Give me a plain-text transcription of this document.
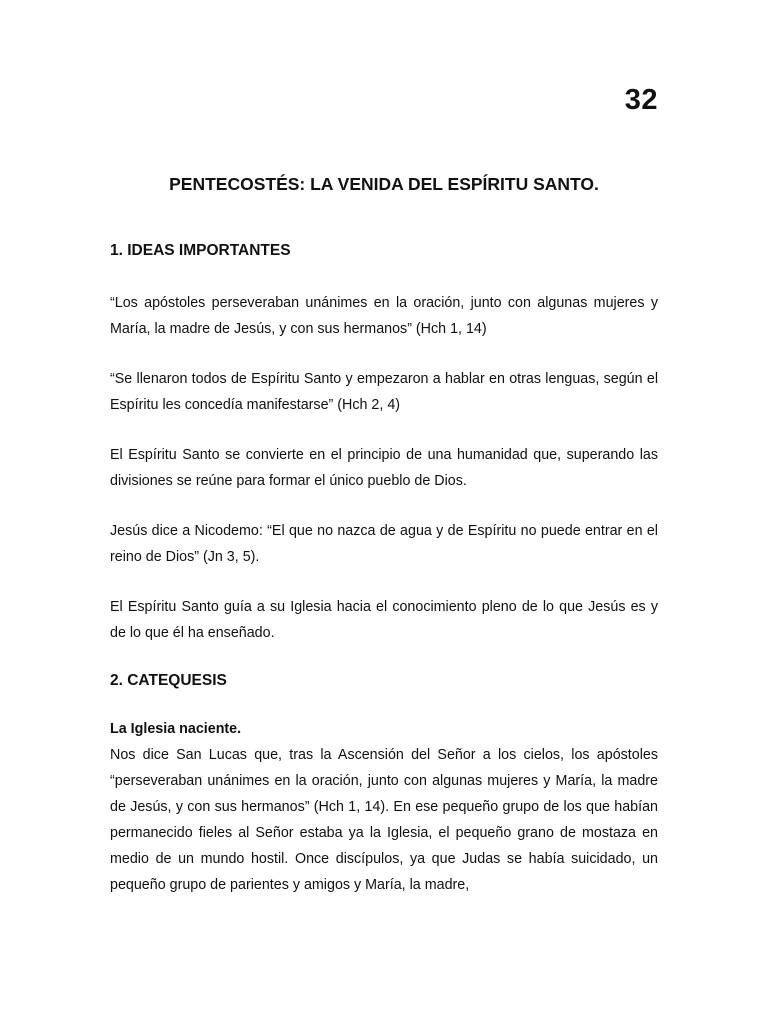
32
PENTECOSTÉS: LA VENIDA DEL ESPÍRITU SANTO.
1. IDEAS IMPORTANTES

“Los apóstoles perseveraban unánimes en la oración, junto con algunas mujeres y María, la madre de Jesús, y con sus hermanos” (Hch 1, 14)

“Se llenaron todos de Espíritu Santo y empezaron a hablar en otras lenguas, según el Espíritu les concedía manifestarse” (Hch 2, 4)

El Espíritu Santo se convierte en el principio de una humanidad que, superando las divisiones se reúne para formar el único pueblo de Dios.

Jesús dice a Nicodemo: “El que no nazca de agua y de Espíritu no puede entrar en el reino de Dios” (Jn 3, 5).

El Espíritu Santo guía a su Iglesia hacia el conocimiento pleno de lo que Jesús es y de lo que él ha enseñado.

2. CATEQUESIS

La Iglesia naciente.

Nos dice San Lucas que, tras la Ascensión del Señor a los cielos, los apóstoles “perseveraban unánimes en la oración, junto con algunas mujeres y María, la madre de Jesús, y con sus hermanos” (Hch 1, 14). En ese pequeño grupo de los que habían permanecido fieles al Señor estaba ya la Iglesia, el pequeño grano de mostaza en medio de un mundo hostil. Once discípulos, ya que Judas se había suicidado, un pequeño grupo de parientes y amigos y María, la madre,
